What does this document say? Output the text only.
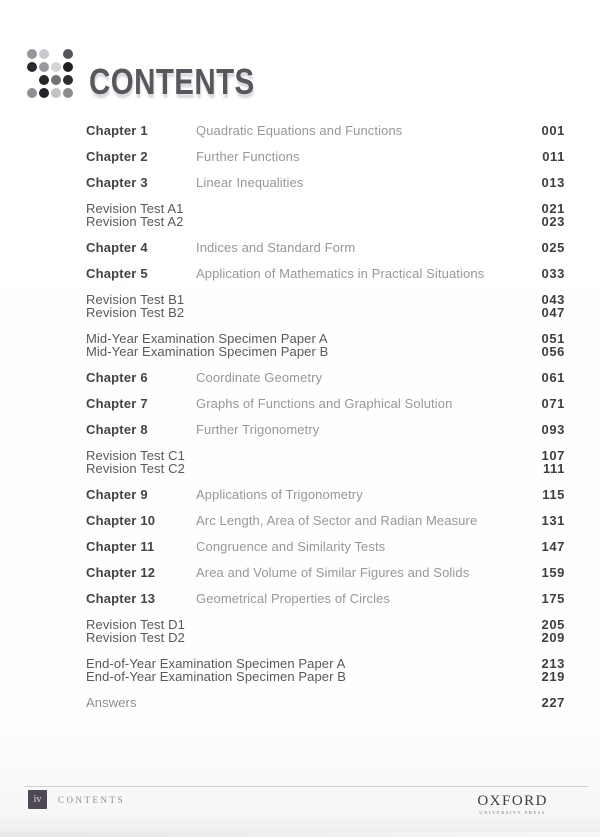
CONTENTS
Chapter 1	Quadratic Equations and Functions	001
Chapter 2	Further Functions	011
Chapter 3	Linear Inequalities	013
Revision Test A1	021
Revision Test A2	023
Chapter 4	Indices and Standard Form	025
Chapter 5	Application of Mathematics in Practical Situations	033
Revision Test B1	043
Revision Test B2	047
Mid-Year Examination Specimen Paper A	051
Mid-Year Examination Specimen Paper B	056
Chapter 6	Coordinate Geometry	061
Chapter 7	Graphs of Functions and Graphical Solution	071
Chapter 8	Further Trigonometry	093
Revision Test C1	107
Revision Test C2	111
Chapter 9	Applications of Trigonometry	115
Chapter 10	Arc Length, Area of Sector and Radian Measure	131
Chapter 11	Congruence and Similarity Tests	147
Chapter 12	Area and Volume of Similar Figures and Solids	159
Chapter 13	Geometrical Properties of Circles	175
Revision Test D1	205
Revision Test D2	209
End-of-Year Examination Specimen Paper A	213
End-of-Year Examination Specimen Paper B	219
Answers	227
iv	CONTENTS	OXFORD
UNIVERSITY PRESS
